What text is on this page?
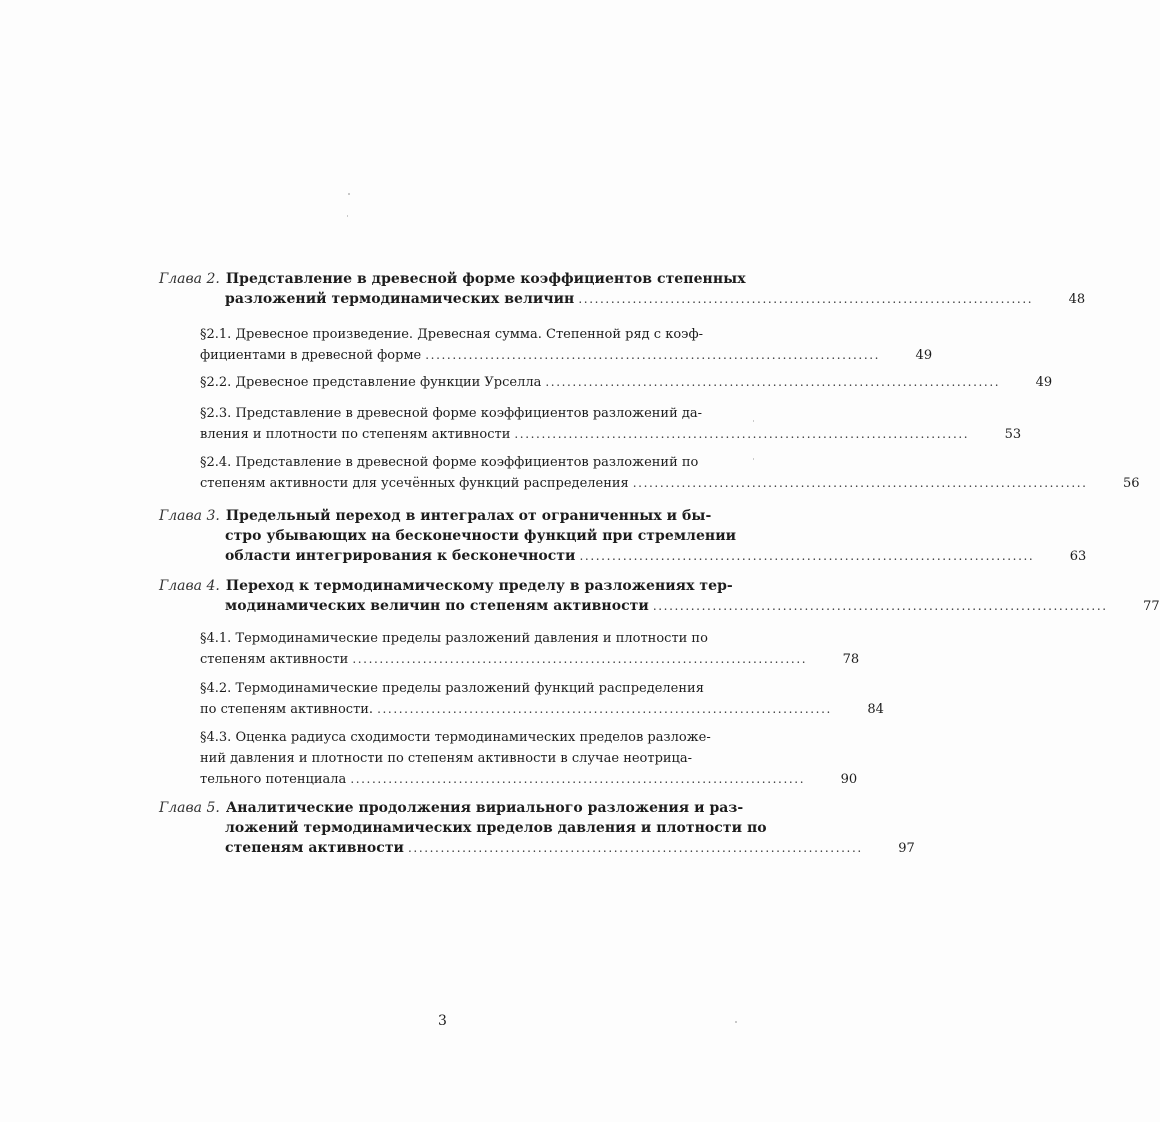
Глава 2. Представление в древесной форме коэффициентов степенных
разложений термодинамических величин ....................................................................................	48
§2.1. Древесное произведение. Древесная сумма. Степенной ряд с коэф-
фициентами в древесной форме ....................................................................................	49
§2.2. Древесное представление функции Урселла ....................................................................................	49
§2.3. Представление в древесной форме коэффициентов разложений да-
вления и плотности по степеням активности ....................................................................................	53
§2.4. Представление в древесной форме коэффициентов разложений по
степеням активности для усечённых функций распределения ....................................................................................	56
Глава 3. Предельный переход в интегралах от ограниченных и бы-
стро убывающих на бесконечности функций при стремлении
области интегрирования к бесконечности ....................................................................................	63
Глава 4. Переход к термодинамическому пределу в разложениях тер-
модинамических величин по степеням активности ....................................................................................	77
§4.1. Термодинамические пределы разложений давления и плотности по
степеням активности ....................................................................................	78
§4.2. Термодинамические пределы разложений функций распределения
по степеням активности. ....................................................................................	84
§4.3. Оценка радиуса сходимости термодинамических пределов разложе-
ний давления и плотности по степеням активности в случае неотрица-
тельного потенциала ....................................................................................	90
Глава 5. Аналитические продолжения вириального разложения и раз-
ложений термодинамических пределов давления и плотности по
степеням активности ....................................................................................	97
3
